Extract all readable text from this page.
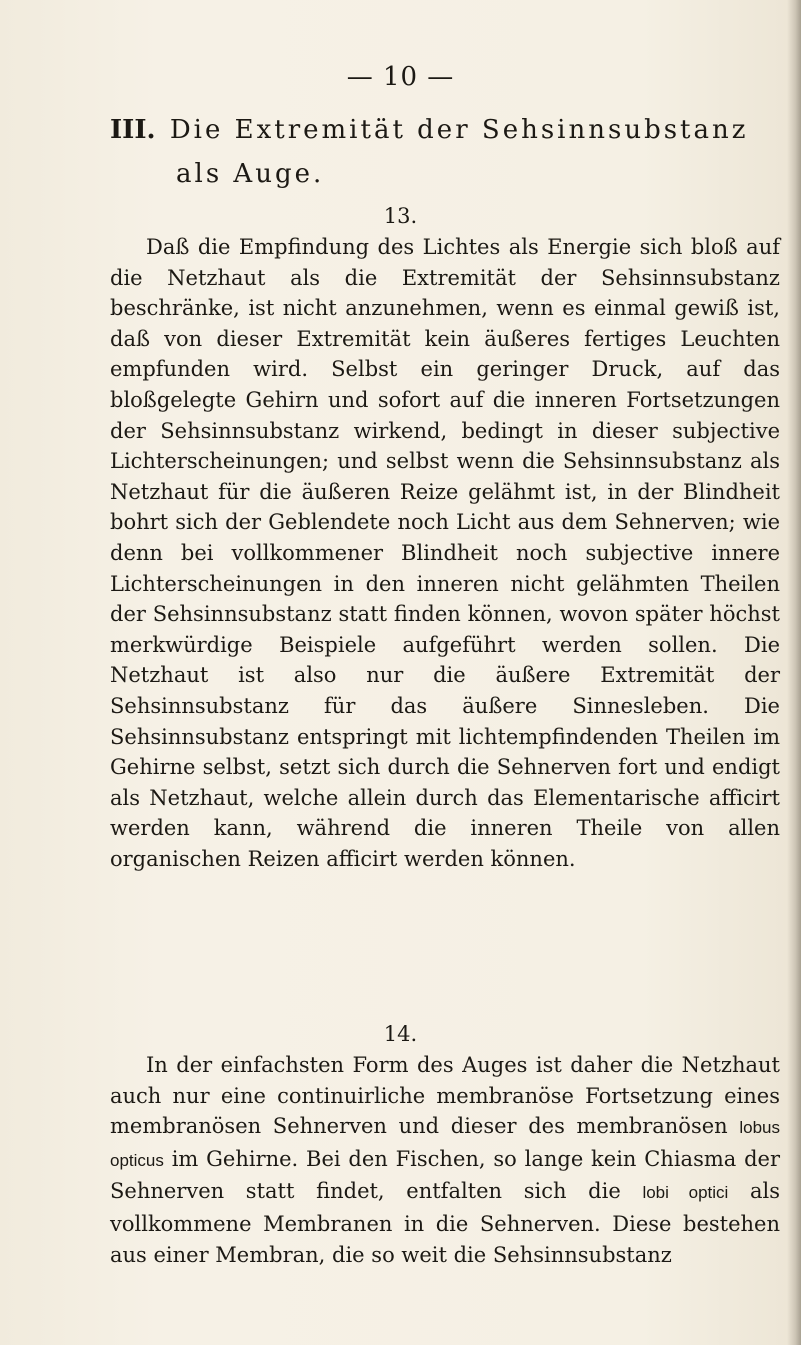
— 10 —
III. Die Extremität der Sehsinnsubstanz
als Auge.
13.
Daß die Empfindung des Lichtes als Energie sich bloß auf die Netzhaut als die Extremität der Sehsinnsubstanz beschränke, ist nicht anzunehmen, wenn es einmal gewiß ist, daß von dieser Extremität kein äußeres fertiges Leuchten empfunden wird. Selbst ein geringer Druck, auf das bloßgelegte Gehirn und sofort auf die inneren Fortsetzungen der Sehsinnsubstanz wirkend, bedingt in dieser subjective Lichterscheinungen; und selbst wenn die Sehsinnsubstanz als Netzhaut für die äußeren Reize gelähmt ist, in der Blindheit bohrt sich der Geblendete noch Licht aus dem Sehnerven; wie denn bei vollkommener Blindheit noch subjective innere Lichterscheinungen in den inneren nicht gelähmten Theilen der Sehsinnsubstanz statt finden können, wovon später höchst merkwürdige Beispiele aufgeführt werden sollen. Die Netzhaut ist also nur die äußere Extremität der Sehsinnsubstanz für das äußere Sinnesleben. Die Sehsinnsubstanz entspringt mit lichtempfindenden Theilen im Gehirne selbst, setzt sich durch die Sehnerven fort und endigt als Netzhaut, welche allein durch das Elementarische afficirt werden kann, während die inneren Theile von allen organischen Reizen afficirt werden können.
14.
In der einfachsten Form des Auges ist daher die Netzhaut auch nur eine continuirliche membranöse Fortsetzung eines membranösen Sehnerven und dieser des membranösen lobus opticus im Gehirne. Bei den Fischen, so lange kein Chiasma der Sehnerven statt findet, entfalten sich die lobi optici als vollkommene Membranen in die Sehnerven. Diese bestehen aus einer Membran, die so weit die Sehsinnsubstanz
